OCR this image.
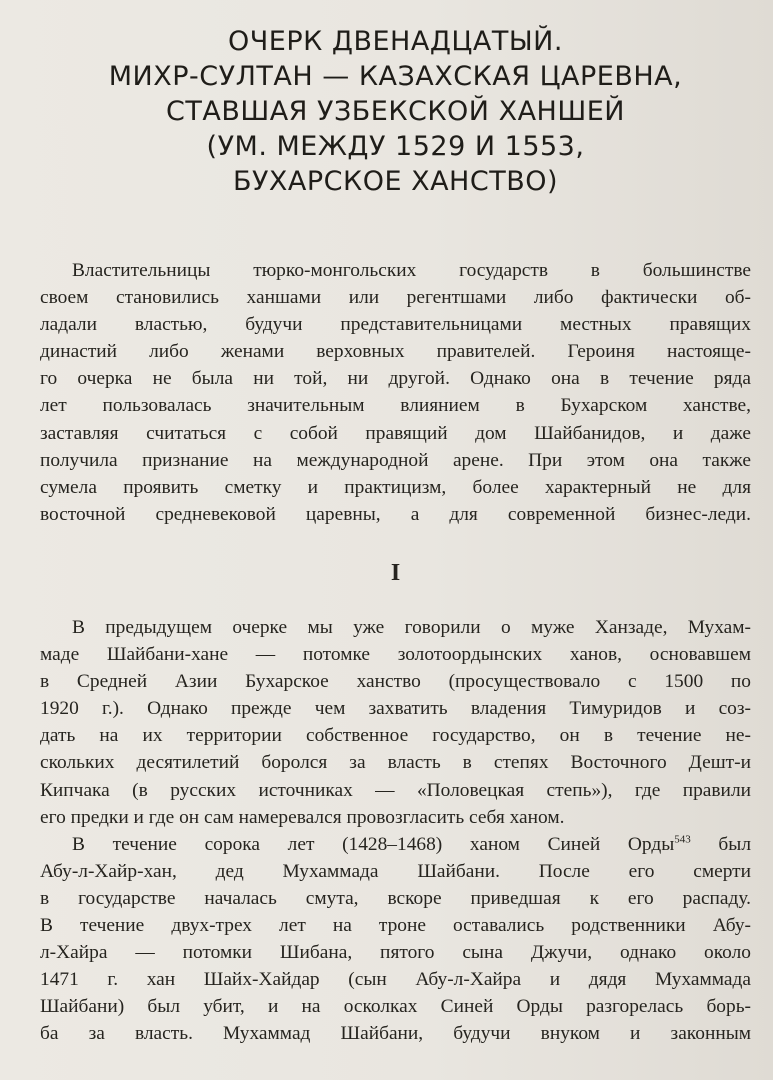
ОЧЕРК ДВЕНАДЦАТЫЙ.
МИХР-СУЛТАН — КАЗАХСКАЯ ЦАРЕВНА,
СТАВШАЯ УЗБЕКСКОЙ ХАНШЕЙ
(УМ. МЕЖДУ 1529 И 1553,
БУХАРСКОЕ ХАНСТВО)
Властительницы тюрко-монгольских государств в большинстве
своем становились ханшами или регентшами либо фактически об-
ладали властью, будучи представительницами местных правящих
династий либо женами верховных правителей. Героиня настояще-
го очерка не была ни той, ни другой. Однако она в течение ряда
лет пользовалась значительным влиянием в Бухарском ханстве,
заставляя считаться с собой правящий дом Шайбанидов, и даже
получила признание на международной арене. При этом она также
сумела проявить сметку и практицизм, более характерный не для
восточной средневековой царевны, а для современной бизнес-леди.
I
В предыдущем очерке мы уже говорили о муже Ханзаде, Мухам-
маде Шайбани-хане — потомке золотоордынских ханов, основавшем
в Средней Азии Бухарское ханство (просуществовало с 1500 по
1920 г.). Однако прежде чем захватить владения Тимуридов и соз-
дать на их территории собственное государство, он в течение не-
скольких десятилетий боролся за власть в степях Восточного Дешт-и
Кипчака (в русских источниках — «Половецкая степь»), где правили
его предки и где он сам намеревался провозгласить себя ханом.
В течение сорока лет (1428–1468) ханом Синей Орды$^{543}$ был
Абу-л-Хайр-хан, дед Мухаммада Шайбани. После его смерти
в государстве началась смута, вскоре приведшая к его распаду.
В течение двух-трех лет на троне оставались родственники Абу-
л-Хайра — потомки Шибана, пятого сына Джучи, однако около
1471 г. хан Шайх-Хайдар (сын Абу-л-Хайра и дядя Мухаммада
Шайбани) был убит, и на осколках Синей Орды разгорелась борь-
ба за власть. Мухаммад Шайбани, будучи внуком и законным
